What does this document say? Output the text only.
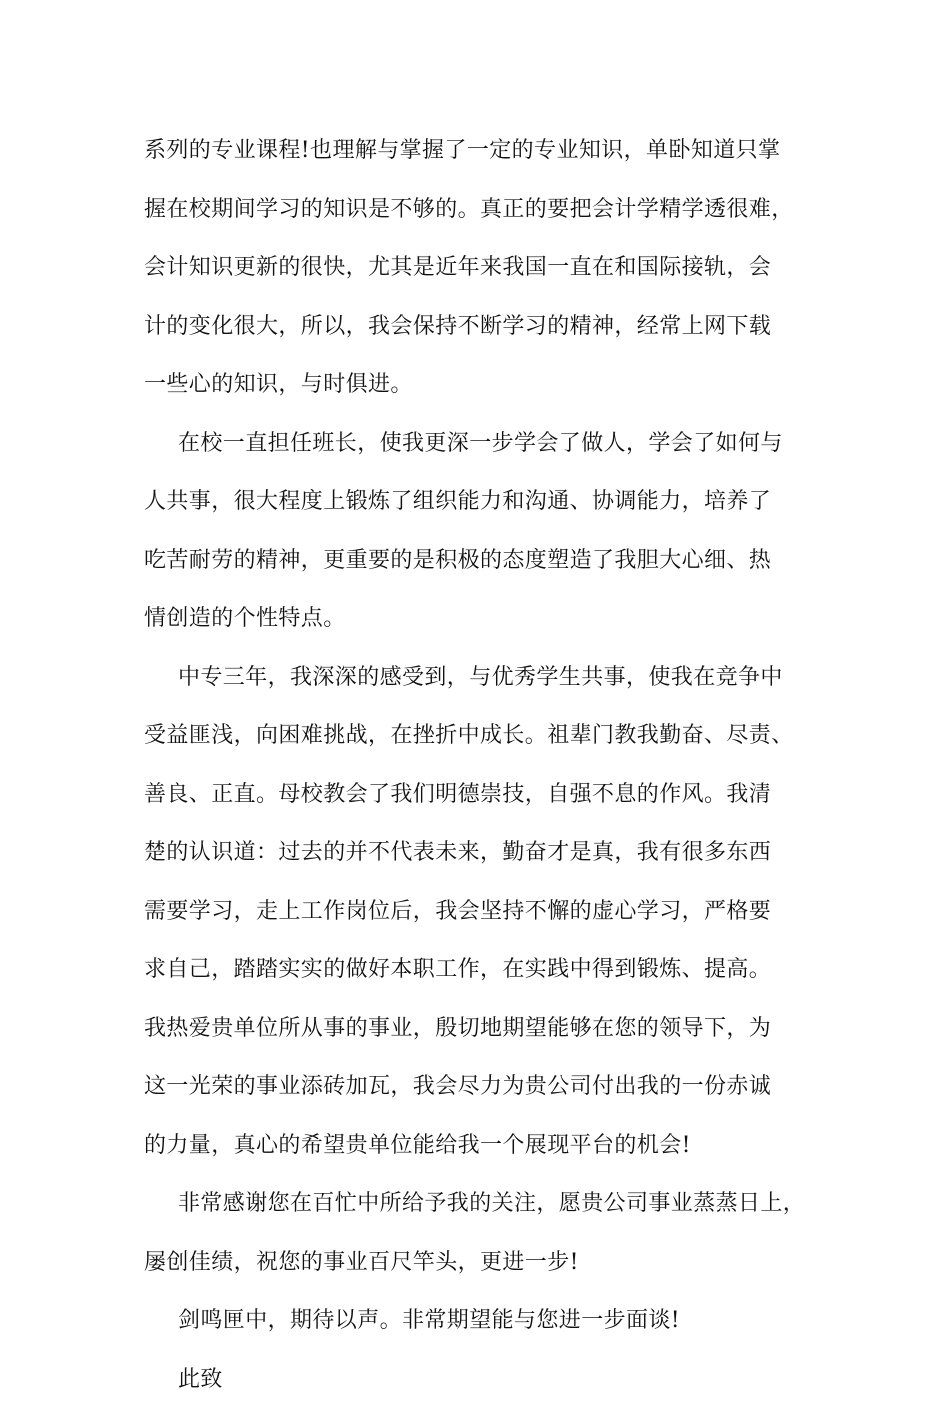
系列的专业课程!也理解与掌握了一定的专业知识，单卧知道只掌
握在校期间学习的知识是不够的。真正的要把会计学精学透很难，
会计知识更新的很快，尤其是近年来我国一直在和国际接轨，会
计的变化很大，所以，我会保持不断学习的精神，经常上网下载
一些心的知识，与时俱进。
在校一直担任班长，使我更深一步学会了做人，学会了如何与
人共事，很大程度上锻炼了组织能力和沟通、协调能力，培养了
吃苦耐劳的精神，更重要的是积极的态度塑造了我胆大心细、热
情创造的个性特点。
中专三年，我深深的感受到，与优秀学生共事，使我在竞争中
受益匪浅，向困难挑战，在挫折中成长。祖辈门教我勤奋、尽责、
善良、正直。母校教会了我们明德崇技，自强不息的作风。我清
楚的认识道：过去的并不代表未来，勤奋才是真，我有很多东西
需要学习，走上工作岗位后，我会坚持不懈的虚心学习，严格要
求自己，踏踏实实的做好本职工作，在实践中得到锻炼、提高。
我热爱贵单位所从事的事业，殷切地期望能够在您的领导下，为
这一光荣的事业添砖加瓦，我会尽力为贵公司付出我的一份赤诚
的力量，真心的希望贵单位能给我一个展现平台的机会!
非常感谢您在百忙中所给予我的关注，愿贵公司事业蒸蒸日上，
屡创佳绩，祝您的事业百尺竿头，更进一步!
剑鸣匣中，期待以声。非常期望能与您进一步面谈!
此致
